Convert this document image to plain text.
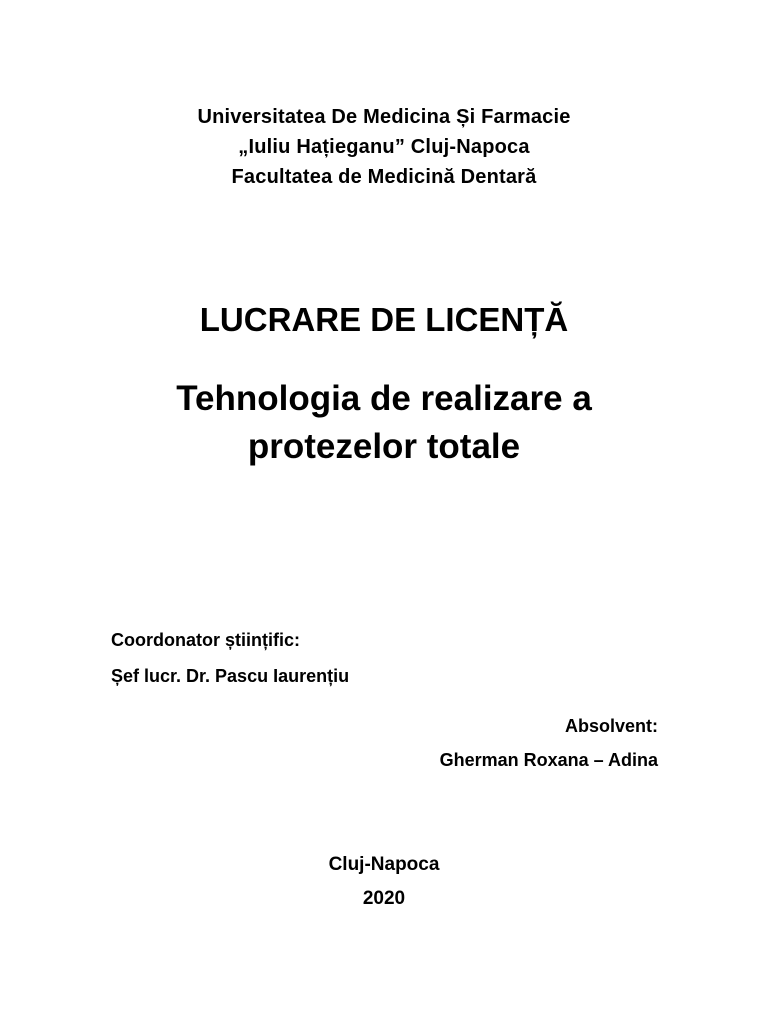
Universitatea De Medicina Și Farmacie

„Iuliu Hațieganu” Cluj-Napoca

Facultatea de Medicină Dentară

LUCRARE DE LICENȚĂ
Tehnologia de realizare a
protezelor totale

Coordonator științific:

Șef lucr. Dr. Pascu Iaurențiu

Absolvent:

Gherman Roxana – Adina

Cluj-Napoca

2020
